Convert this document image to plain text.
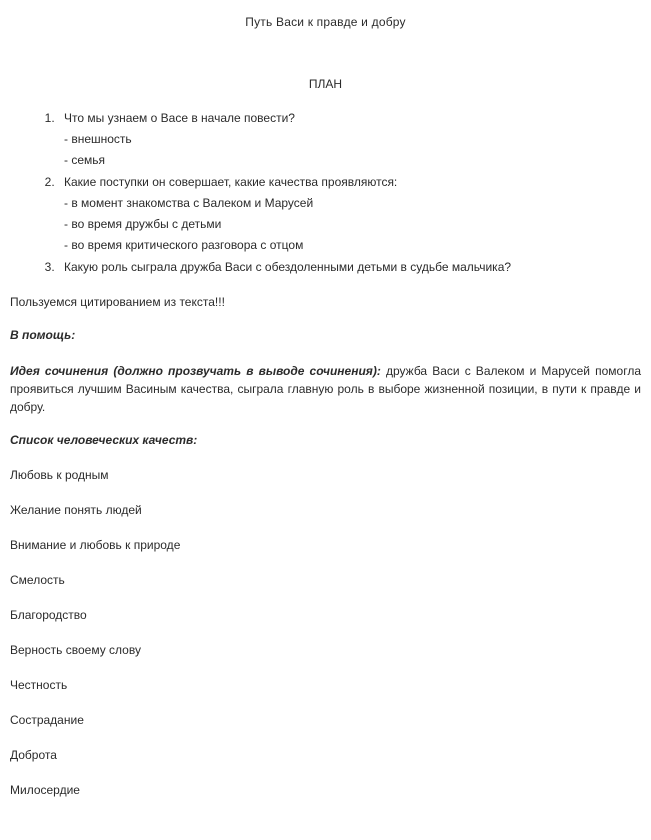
Путь Васи к правде и добру
ПЛАН
1. Что мы узнаем о Васе в начале повести?
- внешность
- семья
2. Какие поступки он совершает, какие качества проявляются:
- в момент знакомства с Валеком и Марусей
- во время дружбы с детьми
- во время критического разговора с отцом
3. Какую роль сыграла дружба Васи с обездоленными детьми в судьбе мальчика?
Пользуемся цитированием из текста!!!
В помощь:
Идея сочинения (должно прозвучать в выводе сочинения): дружба Васи с Валеком и Марусей помогла проявиться лучшим Васиным качества, сыграла главную роль в выборе жизненной позиции, в пути к правде и добру.
Список человеческих качеств:
Любовь к родным
Желание понять людей
Внимание и любовь к природе
Смелость
Благородство
Верность своему слову
Честность
Сострадание
Доброта
Милосердие
